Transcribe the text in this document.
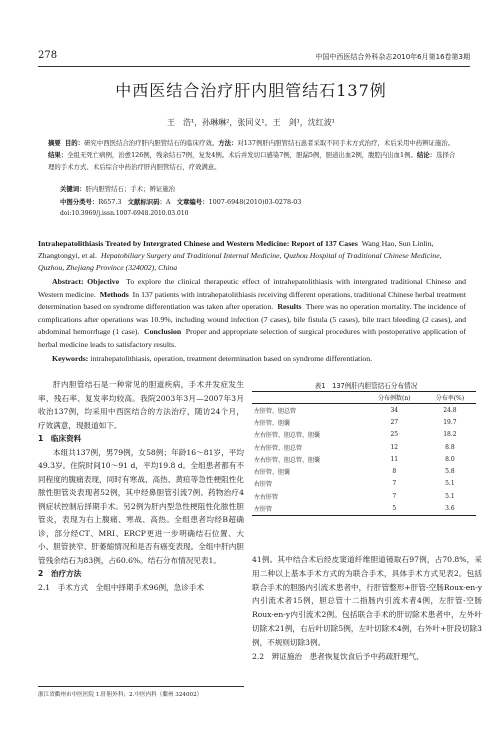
278	中国中西医结合外科杂志2010年6月第16卷第3期
中西医结合治疗肝内胆管结石137例
王　浩¹，孙琳琳²，张同义¹，王　剑¹，沈红波¹
摘要 目的：研究中西医结合治疗肝内胆管结石的临床疗效。方法：对137例肝内胆管结石患者采取不同手术方式治疗，术后采用中药辨证施治。结果：全组无死亡病例，治愈126例，残余结石7例，复发4例。术后并发切口感染7例，胆漏5例，胆道出血2例，腹腔内出血1例。结论：选择合理的手术方式、术后综合中药治疗肝内胆管结石，疗效满意。
关键词：肝内胆管结石；手术；辨证施治
中图分类号：R657.3 文献标识码：A 文章编号：1007-6948(2010)03-0278-03
doi:10.3969/j.issn.1007-6948.2010.03.010
Intrahepatolithiasis Treated by Intergrated Chinese and Western Medicine: Report of 137 Cases Wang Hao, Sun Linlin, Zhangtongyi, et al. Hepatobiliary Surgery and Traditional Internal Medicine, Quzhou Hospital of Traditional Chinese Medicine, Quzhou, Zhejiang Province (324002), China
Abstract: Objective To explore the clinical therapeutic effect of intrahepatolithiasis with intergrated traditional Chinese and Western medicine. Methods In 137 patients with intrahepatolithiasis receiving different operations, traditional Chinese herbal treatment determination based on syndrome differentiation was taken after operation. Results There was no operation mortality. The incidence of complications after operations was 10.9%, including wound infection (7 cases), bile fistula (5 cases), bile tract bleeding (2 cases), and abdominal hemorrhage (1 case). Conclusion Proper and appropriate selection of surgical procedures with postoperative application of herbal medicine leads to satisfactory results.
Keywords: intrahepatolithiasis, operation, treatment determination based on syndrome differentiation.

肝内胆管结石是一种常见的胆道疾病，手术并发症发生率、残石率、复发率均较高。我院2003年3月—2007年3月收治137例，均采用中西医结合的方法治疗，随访24个月，疗效满意，现报道如下。

1　临床资料

本组共137例，男79例，女58例；年龄16～81岁，平均49.3岁。住院时间10～91 d，平均19.8 d。全组患者都有不同程度的腹痛表现，同时有寒战、高热、黄疸等急性梗阻性化脓性胆管炎表现者52例，其中经鼻胆管引流7例、药物治疗4例症状控制后择期手术。另2例为肝内型急性梗阻性化脓性胆管炎，表现为右上腹痛、寒战、高热。全组患者均经B超确诊，部分经CT、MRI、ERCP更进一步明确结石位置、大小、胆管狭窄、肝萎缩情况和是否有癌变表现。全组中肝内胆管残余结石为83例，占60.6%。结石分布情况见表1。

2　治疗方法

2.1　手术方式　全组中择期手术96例，急诊手术

浙江省衢州市中医医院 1.肝胆外科；2.中医内科（衢州 324002）
表1　137例肝内胆管结石分布情况
	分布例数(n)	分布率(%)
左肝管、胆总管	34	24.8
左肝管、胆囊	27	19.7
左右肝管、胆总管、胆囊	25	18.2
左右肝管、胆总管	12	8.8
左右肝管、胆总管、胆囊	11	8.0
右肝管、胆囊	8	5.8
右肝管	7	5.1
左右肝管	7	5.1
左肝管	5	3.6

41例。其中结合术后经皮窦道纤维胆道镜取石97例，占70.8%，采用二种以上基本手术方式的为联合手术，具体手术方式见表2。包括联合手术的胆肠内引流术患者中，行肝管整形+肝管-空肠Roux-en-y内引流术者15例，胆总管十二指肠内引流术者4例，左肝管-空肠Roux-en-y内引流术2例。包括联合手术的肝切除术患者中，左外叶切除术21例，右后叶切除5例，左叶切除术4例，右外叶+肝段切除3例，不规则切除3例。

2.2　辨证施治　患者恢复饮食后予中药疏肝理气、
